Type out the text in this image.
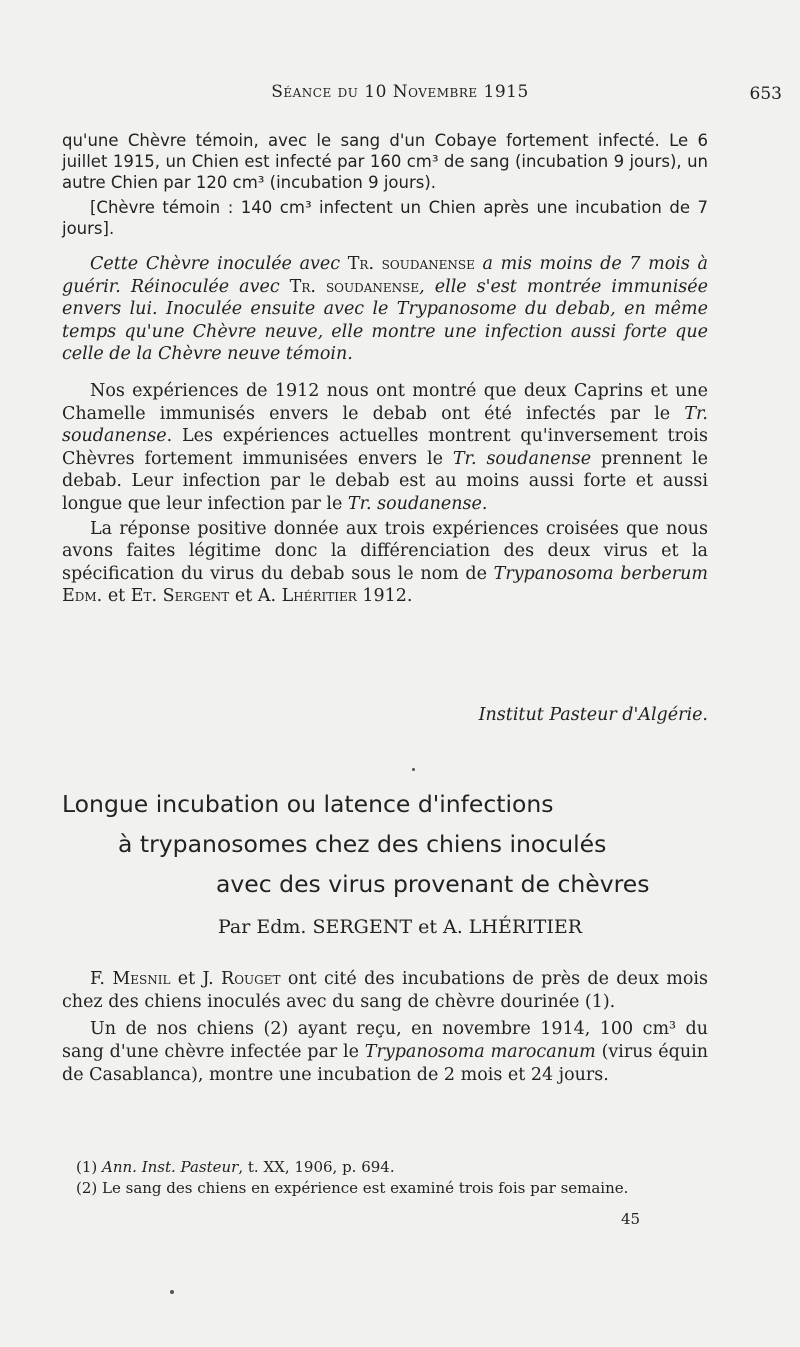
Séance du 10 Novembre 1915	653

qu'une Chèvre témoin, avec le sang d'un Cobaye fortement infecté. Le 6 juillet 1915, un Chien est infecté par 160 cm³ de sang (incubation 9 jours), un autre Chien par 120 cm³ (incubation 9 jours).

[Chèvre témoin : 140 cm³ infectent un Chien après une incubation de 7 jours].

Cette Chèvre inoculée avec Tr. soudanense a mis moins de 7 mois à guérir. Réinoculée avec Tr. soudanense, elle s'est montrée immunisée envers lui. Inoculée ensuite avec le Trypanosome du debab, en même temps qu'une Chèvre neuve, elle montre une infection aussi forte que celle de la Chèvre neuve témoin.

Nos expériences de 1912 nous ont montré que deux Caprins et une Chamelle immunisés envers le debab ont été infectés par le Tr. soudanense. Les expériences actuelles montrent qu'inversement trois Chèvres fortement immunisées envers le Tr. soudanense prennent le debab. Leur infection par le debab est au moins aussi forte et aussi longue que leur infection par le Tr. soudanense.

La réponse positive donnée aux trois expériences croisées que nous avons faites légitime donc la différenciation des deux virus et la spécification du virus du debab sous le nom de Trypanosoma berberum Edm. et Et. Sergent et A. Lhéritier 1912.

Institut Pasteur d'Algérie.
Longue incubation ou latence d'infections
à trypanosomes chez des chiens inoculés
avec des virus provenant de chèvres
Par Edm. SERGENT et A. LHÉRITIER

F. Mesnil et J. Rouget ont cité des incubations de près de deux mois chez des chiens inoculés avec du sang de chèvre dourinée (1).

Un de nos chiens (2) ayant reçu, en novembre 1914, 100 cm³ du sang d'une chèvre infectée par le Trypanosoma marocanum (virus équin de Casablanca), montre une incubation de 2 mois et 24 jours.

(1) Ann. Inst. Pasteur, t. XX, 1906, p. 694.
(2) Le sang des chiens en expérience est examiné trois fois par semaine.
45
